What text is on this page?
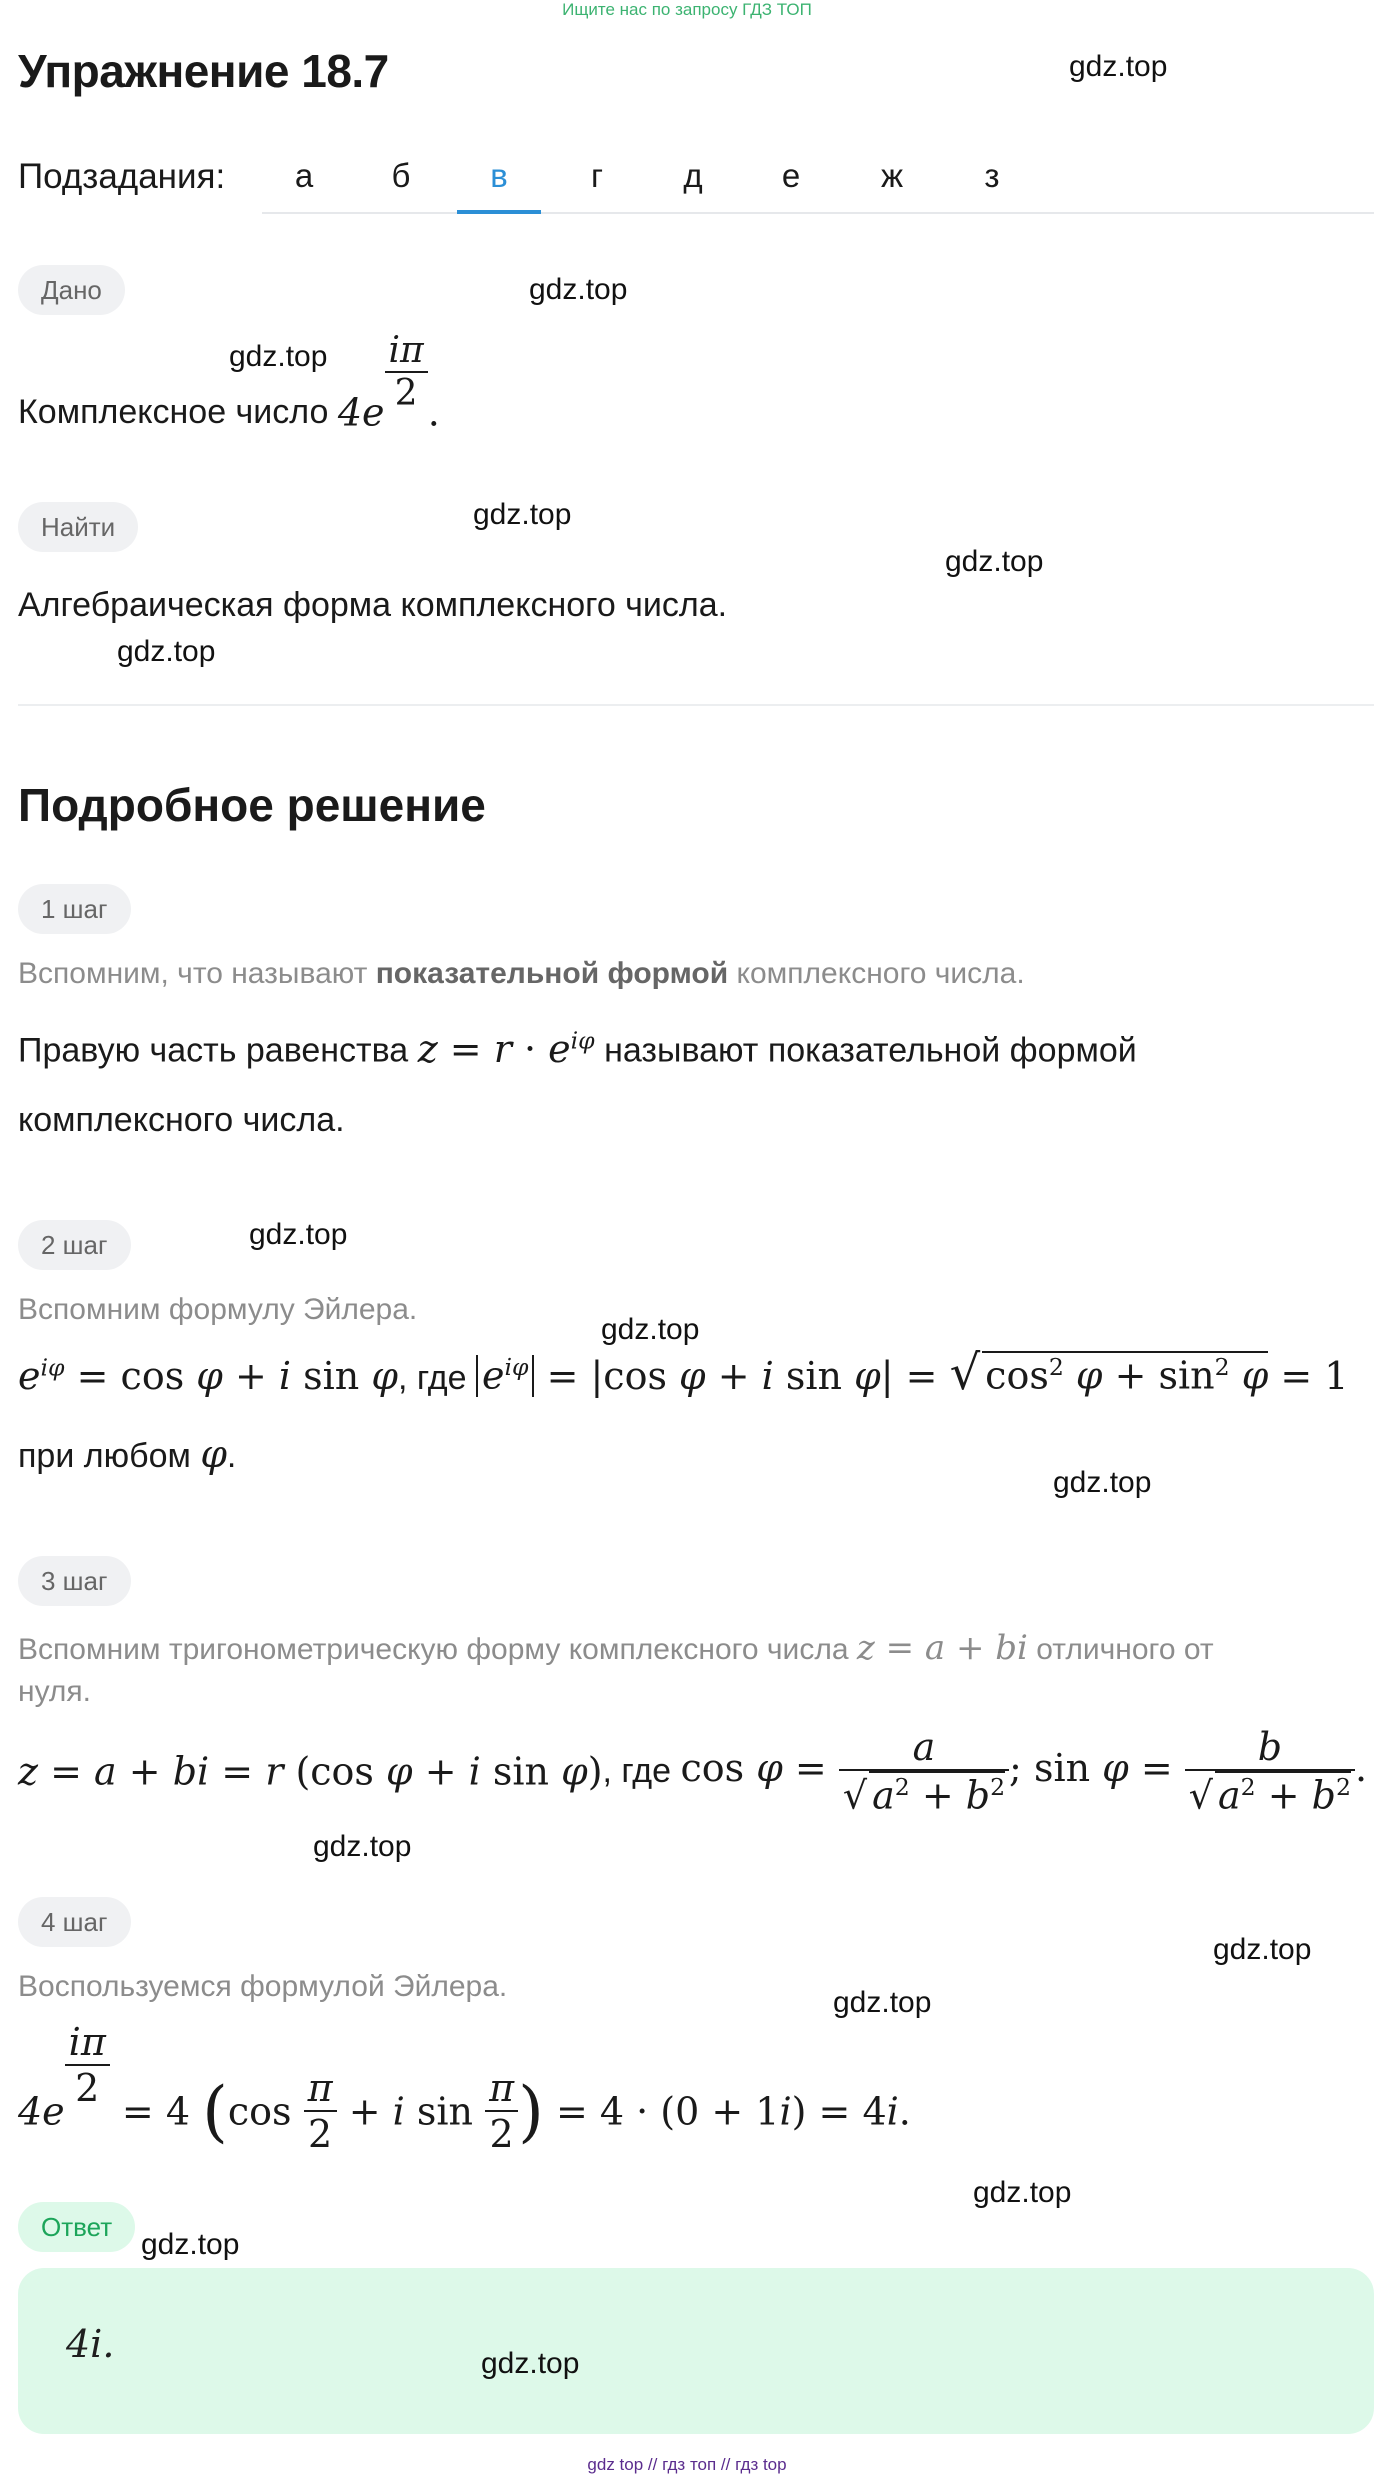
Ищите нас по запросу ГДЗ ТОП
Упражнение 18.7
Подзадания:	а	б	в	г	д	е	ж	з
Дано
Комплексное число $4e \frac{i\pi}{2}$ .
Найти
Алгебраическая форма комплексного числа.
Подробное решение
1 шаг
Вспомним, что называют показательной формой комплексного числа.
Правую часть равенства $z = r \cdot e^{i\varphi}$ называют показательной формой
комплексного числа.
2 шаг
Вспомним формулу Эйлера.
$e^{i\varphi} = \cos \varphi + i$ sin φ, где $e^{i\varphi} = |\cos$ φ + i sin φ| = √ $\cos^2 \varphi + \sin^2 \varphi = 1$
при любом φ.
3 шаг
Вспомним тригонометрическую форму комплексного числа z = a + bi отличного от
нуля.
z = a + bi = r (cos φ + i sin φ), где $\cos \varphi = \frac{a}{√ a^2 + b^2}$ ; $\sin \varphi = \frac{b}{√ a^2 + b^2}$ .
4 шаг
Воспользуемся формулой Эйлера.
4e
$\frac{i\pi}{2}$
= 4 ($\cos \frac{\pi}{2} + i$ $\sin \frac{\pi}{2}$ ) = 4 · (0 + 1i) = 4i.
Ответ
4i.
gdz.top
gdz.top
gdz.top
gdz.top
gdz.top
gdz.top
gdz.top
gdz.top
gdz.top
gdz.top
gdz.top
gdz.top
gdz.top
gdz.top
gdz.top
gdz top // гдз топ // гдз top
